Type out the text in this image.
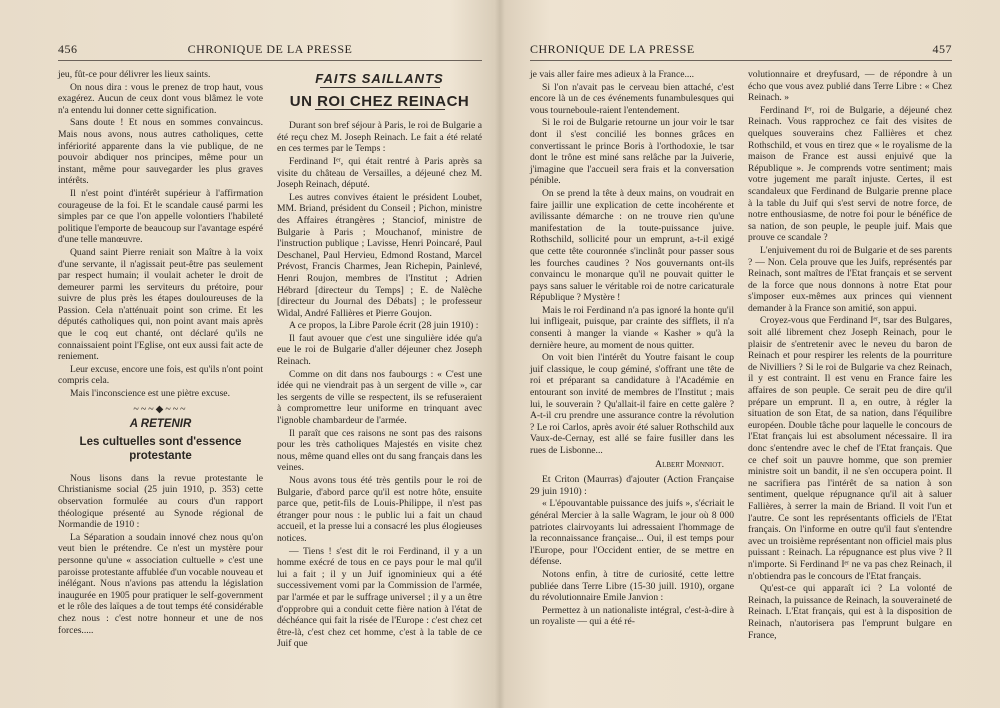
456	CHRONIQUE DE LA PRESSE

jeu, fût-ce pour délivrer les lieux saints.

On nous dira : vous le prenez de trop haut, vous exagérez. Aucun de ceux dont vous blâmez le vote n'a entendu lui donner cette signification.

Sans doute ! Et nous en sommes convaincus. Mais nous avons, nous autres catholiques, cette infériorité apparente dans la vie publique, de ne pouvoir abdiquer nos principes, même pour un instant, même pour sauvegarder les plus graves intérêts.

Il n'est point d'intérêt supérieur à l'affirmation courageuse de la foi. Et le scandale causé parmi les simples par ce que l'on appelle volontiers l'habileté politique l'emporte de beaucoup sur l'avantage espéré d'une telle manœuvre.

Quand saint Pierre reniait son Maître à la voix d'une servante, il n'agissait peut-être pas seulement par respect humain; il voulait acheter le droit de demeurer parmi les serviteurs du prétoire, pour suivre de plus près les étapes douloureuses de la Passion. Cela n'atténuait point son crime. Et les députés catholiques qui, non point avant mais après que le coq eut chanté, ont déclaré qu'ils ne connaissaient point l'Eglise, ont eux aussi fait acte de reniement.

Leur excuse, encore une fois, est qu'ils n'ont point compris cela.

Mais l'inconscience est une piètre excuse.

~~~◆~~~
A RETENIR
Les cultuelles sont d'essence protestante

Nous lisons dans la revue protestante le Christianisme social (25 juin 1910, p. 353) cette observation formulée au cours d'un rapport théologique présenté au Synode régional de Normandie de 1910 :

La Séparation a soudain innové chez nous qu'on veut bien le prétendre. Ce n'est un mystère pour personne qu'une « association cultuelle » c'est une paroisse protestante affublée d'un vocable nouveau et inélégant. Nous n'avions pas attendu la législation inaugurée en 1905 pour pratiquer le self-government et le rôle des laïques a de tout temps été considérable chez nous : c'est notre honneur et une de nos forces.....

FAITS SAILLANTS
UN ROI CHEZ REINACH

Durant son bref séjour à Paris, le roi de Bulgarie a été reçu chez M. Joseph Reinach. Le fait a été relaté en ces termes par le Temps :

Ferdinand Iᵉʳ, qui était rentré à Paris après sa visite du château de Versailles, a déjeuné chez M. Joseph Reinach, député.

Les autres convives étaient le président Loubet, MM. Briand, président du Conseil ; Pichon, ministre des Affaires étrangères ; Stanciof, ministre de Bulgarie à Paris ; Mouchanof, ministre de l'instruction publique ; Lavisse, Henri Poincaré, Paul Deschanel, Paul Hervieu, Edmond Rostand, Marcel Prévost, Francis Charmes, Jean Richepin, Painlevé, Henri Roujon, membres de l'Institut ; Adrien Hébrard [directeur du Temps] ; E. de Nalèche [directeur du Journal des Débats] ; le professeur Widal, André Fallières et Pierre Goujon.

A ce propos, la Libre Parole écrit (28 juin 1910) :

Il faut avouer que c'est une singulière idée qu'a eue le roi de Bulgarie d'aller déjeuner chez Joseph Reinach.

Comme on dit dans nos faubourgs : « C'est une idée qui ne viendrait pas à un sergent de ville », car les sergents de ville se respectent, ils se refuseraient à compromettre leur uniforme en trinquant avec l'ignoble chambardeur de l'armée.

Il paraît que ces raisons ne sont pas des raisons pour les très catholiques Majestés en visite chez nous, même quand elles ont du sang français dans les veines.

Nous avons tous été très gentils pour le roi de Bulgarie, d'abord parce qu'il est notre hôte, ensuite parce que, petit-fils de Louis-Philippe, il n'est pas étranger pour nous : le public lui a fait un chaud accueil, et la presse lui a consacré les plus élogieuses notices.

— Tiens ! s'est dit le roi Ferdinand, il y a un homme exécré de tous en ce pays pour le mal qu'il lui a fait ; il y un Juif ignominieux qui a été successivement vomi par la Commission de l'armée, par l'armée et par le suffrage universel ; il y a un être d'opprobre qui a conduit cette fière nation à l'état de déchéance qui fait la risée de l'Europe : c'est chez cet être-là, c'est chez cet homme, c'est à la table de ce Juif que

CHRONIQUE DE LA PRESSE	457

je vais aller faire mes adieux à la France....

Si l'on n'avait pas le cerveau bien attaché, c'est encore là un de ces événements funambulesques qui vous tourneboule-raient l'entendement.

Si le roi de Bulgarie retourne un jour voir le tsar dont il s'est concilié les bonnes grâces en convertissant le prince Boris à l'orthodoxie, le tsar dont le trône est miné sans relâche par la Juiverie, j'imagine que l'accueil sera frais et la conversation pénible.

On se prend la tête à deux mains, on voudrait en faire jaillir une explication de cette incohérente et avilissante démarche : on ne trouve rien qu'une manifestation de la toute-puissance juive. Rothschild, sollicité pour un emprunt, a-t-il exigé que cette tête couronnée s'inclinât pour passer sous les fourches caudines ? Nos gouvernants ont-ils convaincu le monarque qu'il ne pouvait quitter le pays sans saluer le véritable roi de notre caricaturale République ? Mystère !

Mais le roi Ferdinand n'a pas ignoré la honte qu'il lui infligeait, puisque, par crainte des sifflets, il n'a consenti à manger la viande « Kasher » qu'à la dernière heure, au moment de nous quitter.

On voit bien l'intérêt du Youtre faisant le coup juif classique, le coup géminé, s'offrant une tête de roi et préparant sa candidature à l'Académie en entourant son invité de membres de l'Institut ; mais lui, le souverain ? Qu'allait-il faire en cette galère ? A-t-il cru prendre une assurance contre la révolution ? Le roi Carlos, après avoir été saluer Rothschild aux Vaux-de-Cernay, est allé se faire fusiller dans les rues de Lisbonne...

Albert Monniot.

Et Criton (Maurras) d'ajouter (Action Française 29 juin 1910) :

« L'épouvantable puissance des juifs », s'écriait le général Mercier à la salle Wagram, le jour où 8 000 patriotes clairvoyants lui adressaient l'hommage de la reconnaissance française... Oui, il est temps pour l'Europe, pour l'Occident entier, de se mettre en défense.

Notons enfin, à titre de curiosité, cette lettre publiée dans Terre Libre (15-30 juill. 1910), organe du révolutionnaire Emile Janvion :

Permettez à un nationaliste intégral, c'est-à-dire à un royaliste — qui a été ré-

volutionnaire et dreyfusard, — de répondre à un écho que vous avez publié dans Terre Libre : « Chez Reinach. »

Ferdinand Iᵉʳ, roi de Bulgarie, a déjeuné chez Reinach. Vous rapprochez ce fait des visites de quelques souverains chez Fallières et chez Rothschild, et vous en tirez que « le royalisme de la maison de France est aussi enjuivé que la République ». Je comprends votre sentiment; mais votre jugement me paraît injuste. Certes, il est scandaleux que Ferdinand de Bulgarie prenne place à la table du Juif qui s'est servi de notre force, de notre enthousiasme, de notre foi pour le bénéfice de sa nation, de son peuple, le peuple juif. Mais que prouve ce scandale ?

L'enjuivement du roi de Bulgarie et de ses parents ? — Non. Cela prouve que les Juifs, représentés par Reinach, sont maîtres de l'Etat français et se servent de la force que nous donnons à notre Etat pour s'imposer eux-mêmes aux princes qui viennent demander à la France son amitié, son appui.

Croyez-vous que Ferdinand Iᵉʳ, tsar des Bulgares, soit allé librement chez Joseph Reinach, pour le plaisir de s'entretenir avec le neveu du baron de Reinach et pour respirer les relents de la pourriture de Nivilliers ? Si le roi de Bulgarie va chez Reinach, il y est contraint. Il est venu en France faire les affaires de son peuple. Ce serait peu de dire qu'il prépare un emprunt. Il a, en outre, à régler la situation de son Etat, de sa nation, dans l'équilibre européen. Double tâche pour laquelle le concours de l'Etat français lui est absolument nécessaire. Il ira donc s'entendre avec le chef de l'Etat français. Que ce chef soit un pauvre homme, que son premier ministre soit un bandit, il ne s'en occupera point. Il ne sacrifiera pas l'intérêt de sa nation à son sentiment, quelque répugnance qu'il ait à saluer Fallières, à serrer la main de Briand. Il voit l'un et l'autre. Ce sont les représentants officiels de l'Etat français. On l'informe en outre qu'il faut s'entendre avec un troisième représentant non officiel mais plus puissant : Reinach. La répugnance est plus vive ? Il n'importe. Si Ferdinand Iᵉʳ ne va pas chez Reinach, il n'obtiendra pas le concours de l'Etat français.

Qu'est-ce qui apparaît ici ? La volonté de Reinach, la puissance de Reinach, la souveraineté de Reinach. L'Etat français, qui est à la disposition de Reinach, n'autorisera pas l'emprunt bulgare en France,
